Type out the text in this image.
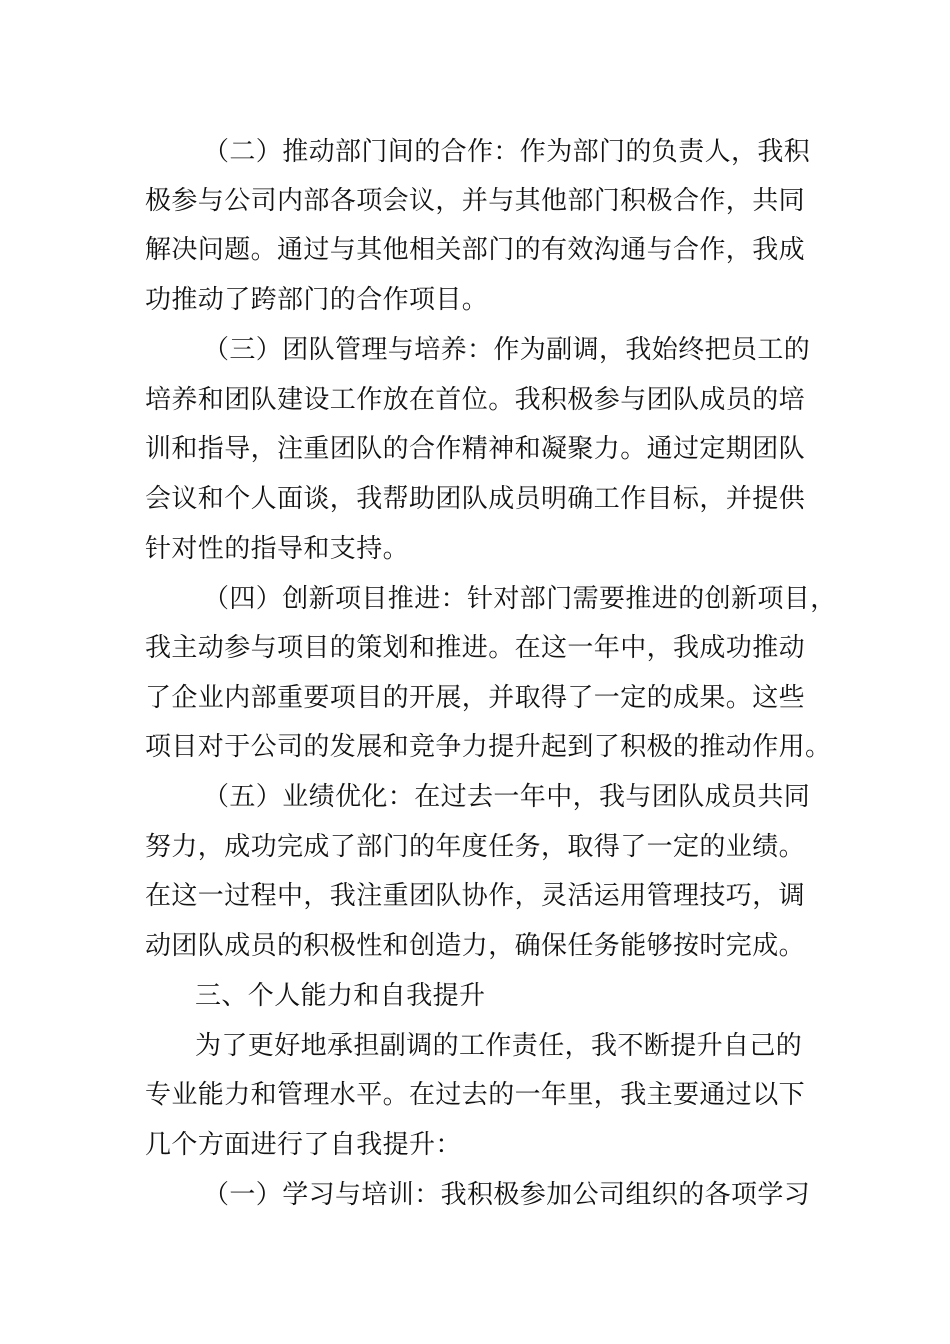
（二）推动部门间的合作：作为部门的负责人，我积
极参与公司内部各项会议，并与其他部门积极合作，共同
解决问题。通过与其他相关部门的有效沟通与合作，我成
功推动了跨部门的合作项目。
（三）团队管理与培养：作为副调，我始终把员工的
培养和团队建设工作放在首位。我积极参与团队成员的培
训和指导，注重团队的合作精神和凝聚力。通过定期团队
会议和个人面谈，我帮助团队成员明确工作目标，并提供
针对性的指导和支持。
（四）创新项目推进：针对部门需要推进的创新项目，
我主动参与项目的策划和推进。在这一年中，我成功推动
了企业内部重要项目的开展，并取得了一定的成果。这些
项目对于公司的发展和竞争力提升起到了积极的推动作用。
（五）业绩优化：在过去一年中，我与团队成员共同
努力，成功完成了部门的年度任务，取得了一定的业绩。
在这一过程中，我注重团队协作，灵活运用管理技巧，调
动团队成员的积极性和创造力，确保任务能够按时完成。
三、个人能力和自我提升
为了更好地承担副调的工作责任，我不断提升自己的
专业能力和管理水平。在过去的一年里，我主要通过以下
几个方面进行了自我提升：
（一）学习与培训：我积极参加公司组织的各项学习
